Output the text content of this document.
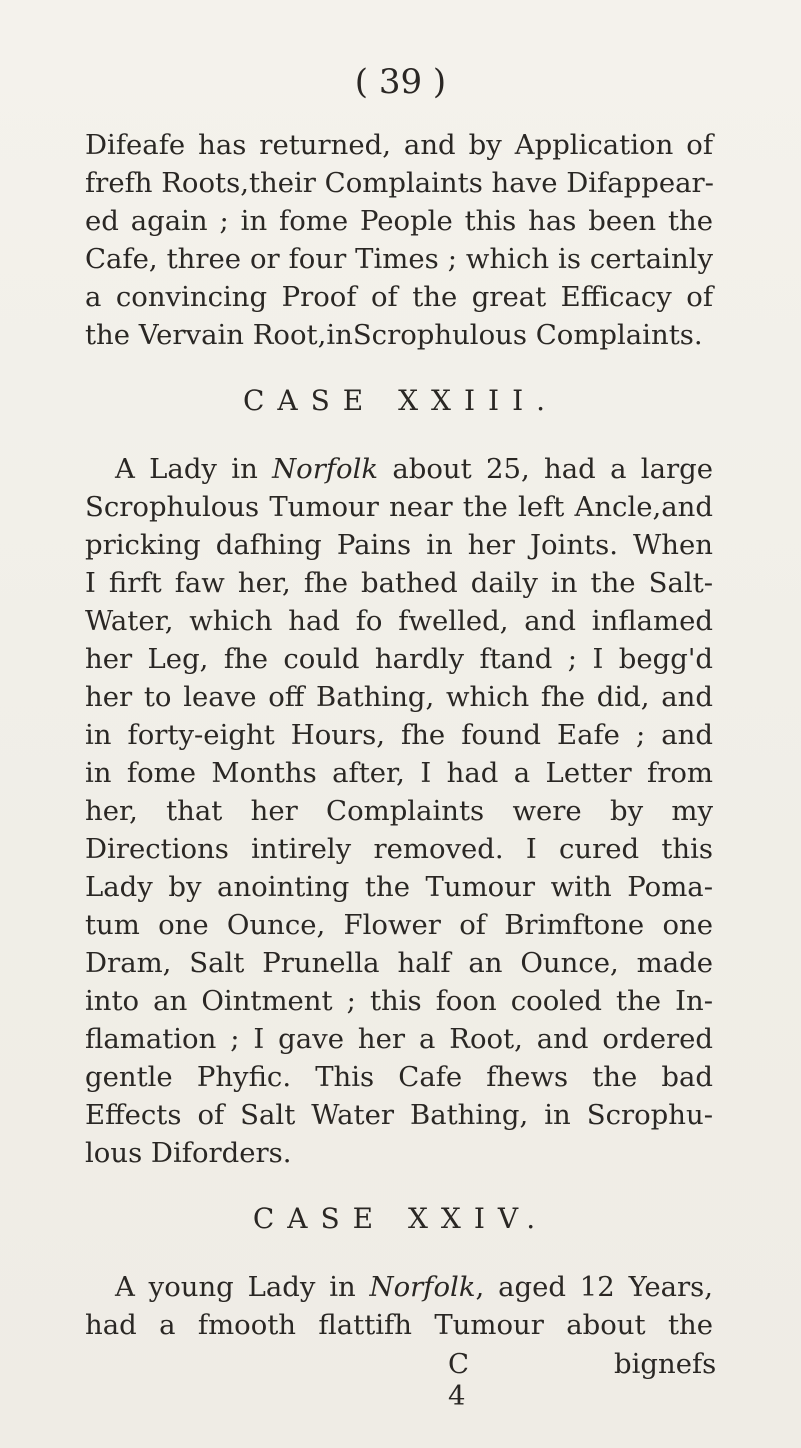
( 39 )
Difeafe has returned, and by Application of
frefh Roots,their Complaints have Difappear-
ed again ; in fome People this has been the
Cafe, three or four Times ; which is certainly
a convincing Proof of the great Efficacy of
the Vervain Root,inScrophulous Complaints.
CASE XXIII.
A Lady in Norfolk about 25, had a large
Scrophulous Tumour near the left Ancle,and
pricking dafhing Pains in her Joints. When
I firft faw her, fhe bathed daily in the Salt-
Water, which had fo fwelled, and inflamed
her Leg, fhe could hardly ftand ; I begg'd
her to leave off Bathing, which fhe did, and
in forty-eight Hours, fhe found Eafe ; and
in fome Months after, I had a Letter from
her, that her Complaints were by my
Directions intirely removed. I cured this
Lady by anointing the Tumour with Poma-
tum one Ounce, Flower of Brimftone one
Dram, Salt Prunella half an Ounce, made
into an Ointment ; this foon cooled the In-
flamation ; I gave her a Root, and ordered
gentle Phyfic. This Cafe fhews the bad
Effects of Salt Water Bathing, in Scrophu-
lous Diforders.
CASE XXIV.
A young Lady in Norfolk, aged 12 Years,
had a fmooth flattifh Tumour about the
C 4
bignefs
